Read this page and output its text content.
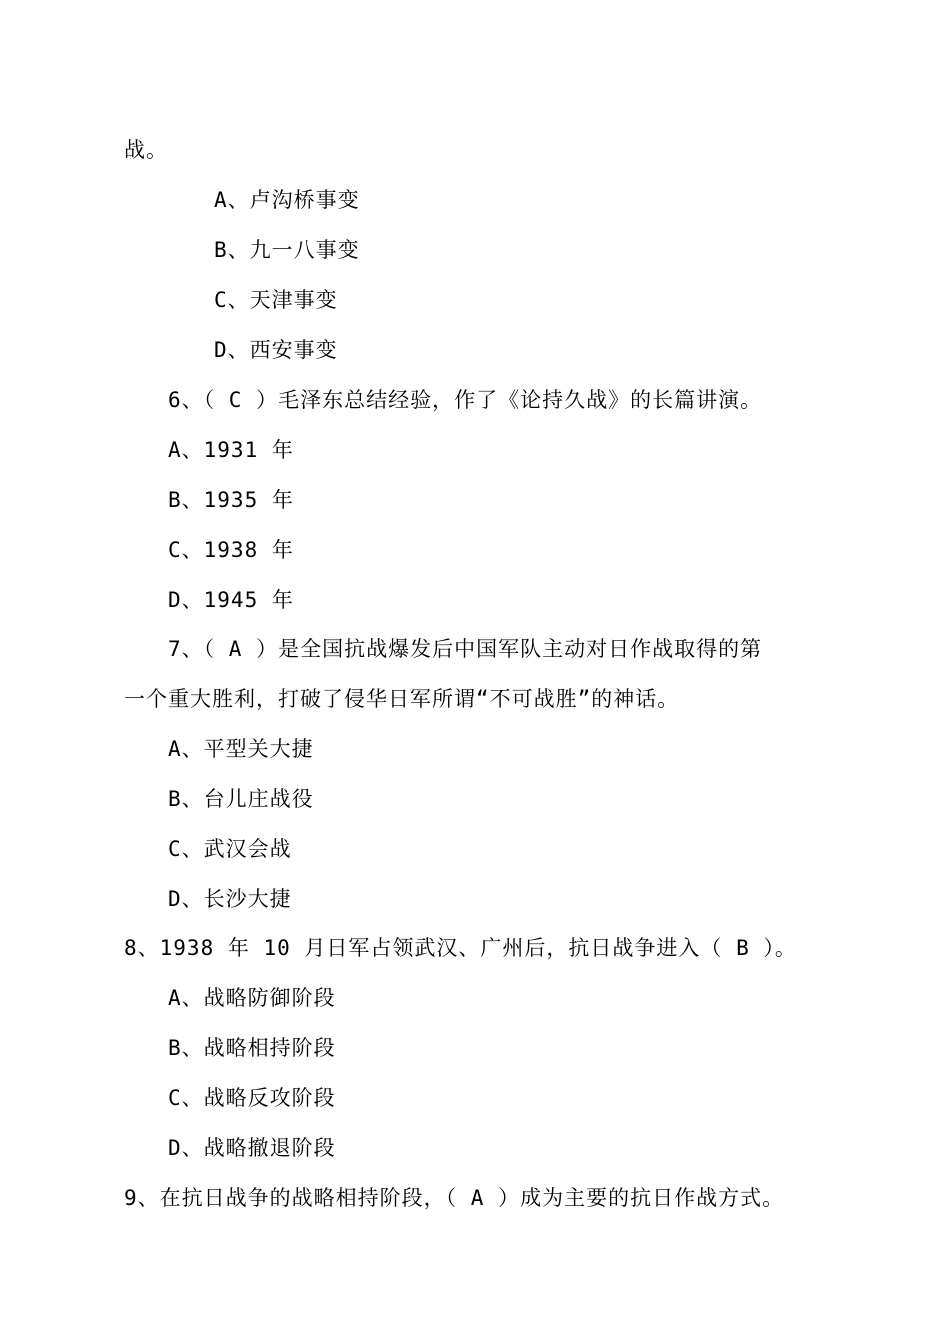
战。
A、卢沟桥事变
B、九一八事变
C、天津事变
D、西安事变
6、（ C ）毛泽东总结经验，作了《论持久战》的长篇讲演。
A、1931 年
B、1935 年
C、1938 年
D、1945 年
7、（ A ）是全国抗战爆发后中国军队主动对日作战取得的第
一个重大胜利，打破了侵华日军所谓“不可战胜”的神话。
A、平型关大捷
B、台儿庄战役
C、武汉会战
D、长沙大捷
8、1938 年 10 月日军占领武汉、广州后，抗日战争进入（ B ）。
A、战略防御阶段
B、战略相持阶段
C、战略反攻阶段
D、战略撤退阶段
9、在抗日战争的战略相持阶段，（ A ）成为主要的抗日作战方式。
